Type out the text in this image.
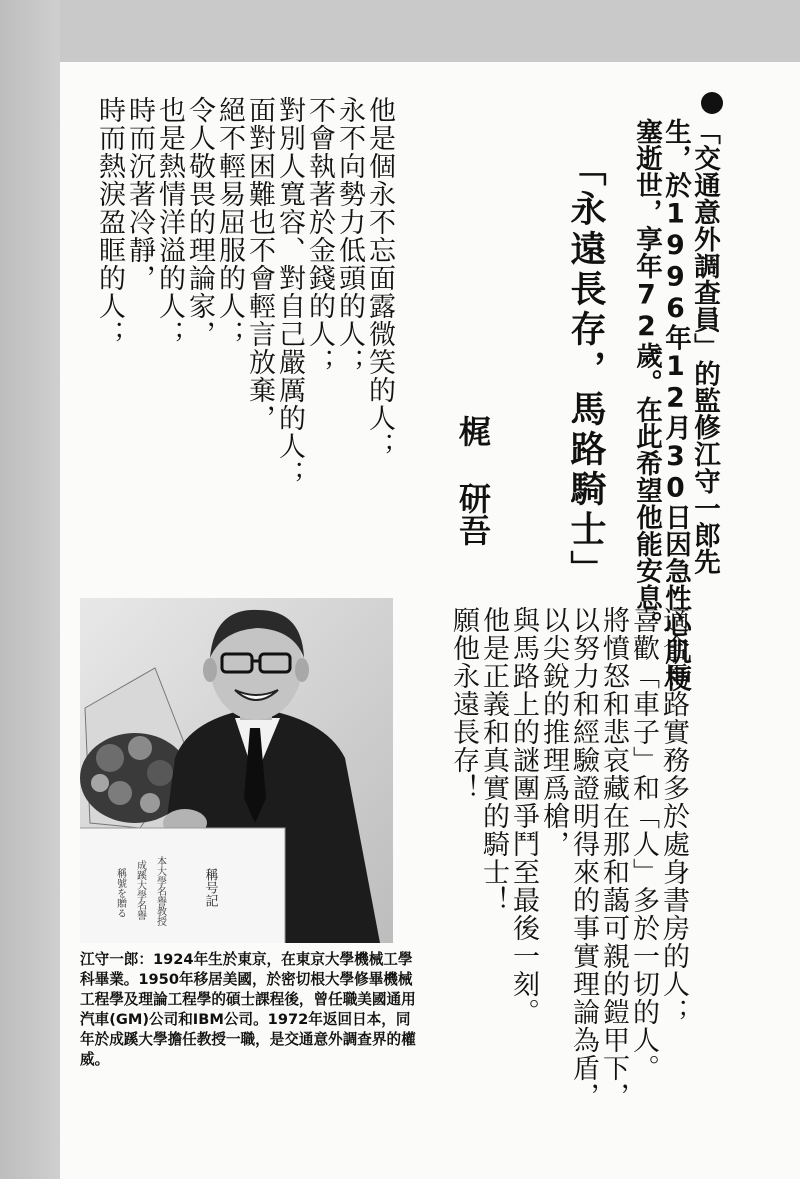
「交通意外調查員」的監修江守一郎先
生，於1996年12月30日因急性心肌梗
塞逝世，享年72歲。在此希望他能安息。
「永遠長存，馬路騎士」
梶
研吾
他是個永不忘面露微笑的人；
永不向勢力低頭的人；
不會執著於金錢的人；
對別人寬容、對自己嚴厲的人；
面對困難也不會輕言放棄，
絕不輕易屈服的人；
令人敬畏的理論家，
也是熱情洋溢的人；
時而沉著冷靜，
時而熱淚盈眶的人；
適合馬路實務多於處身書房的人；
喜歡「車子」和「人」多於一切的人。
將憤怒和悲哀藏在那和藹可親的鎧甲下，
以努力和經驗證明得來的事實理論為盾，
以尖銳的推理爲槍，
與馬路上的謎團爭鬥至最後一刻。
他是正義和真實的騎士！
願他永遠長存！
稱号記
本大學名譽教授
成蹊大學名譽
稱號を贈る
江守一郎：1924年生於東京，在東京大學機械工學科畢業。1950年移居美國，於密切根大學修畢機械工程學及理論工程學的碩士課程後，曾任職美國通用汽車(GM)公司和IBM公司。1972年返回日本，同年於成蹊大學擔任教授一職，是交通意外調查界的權威。
